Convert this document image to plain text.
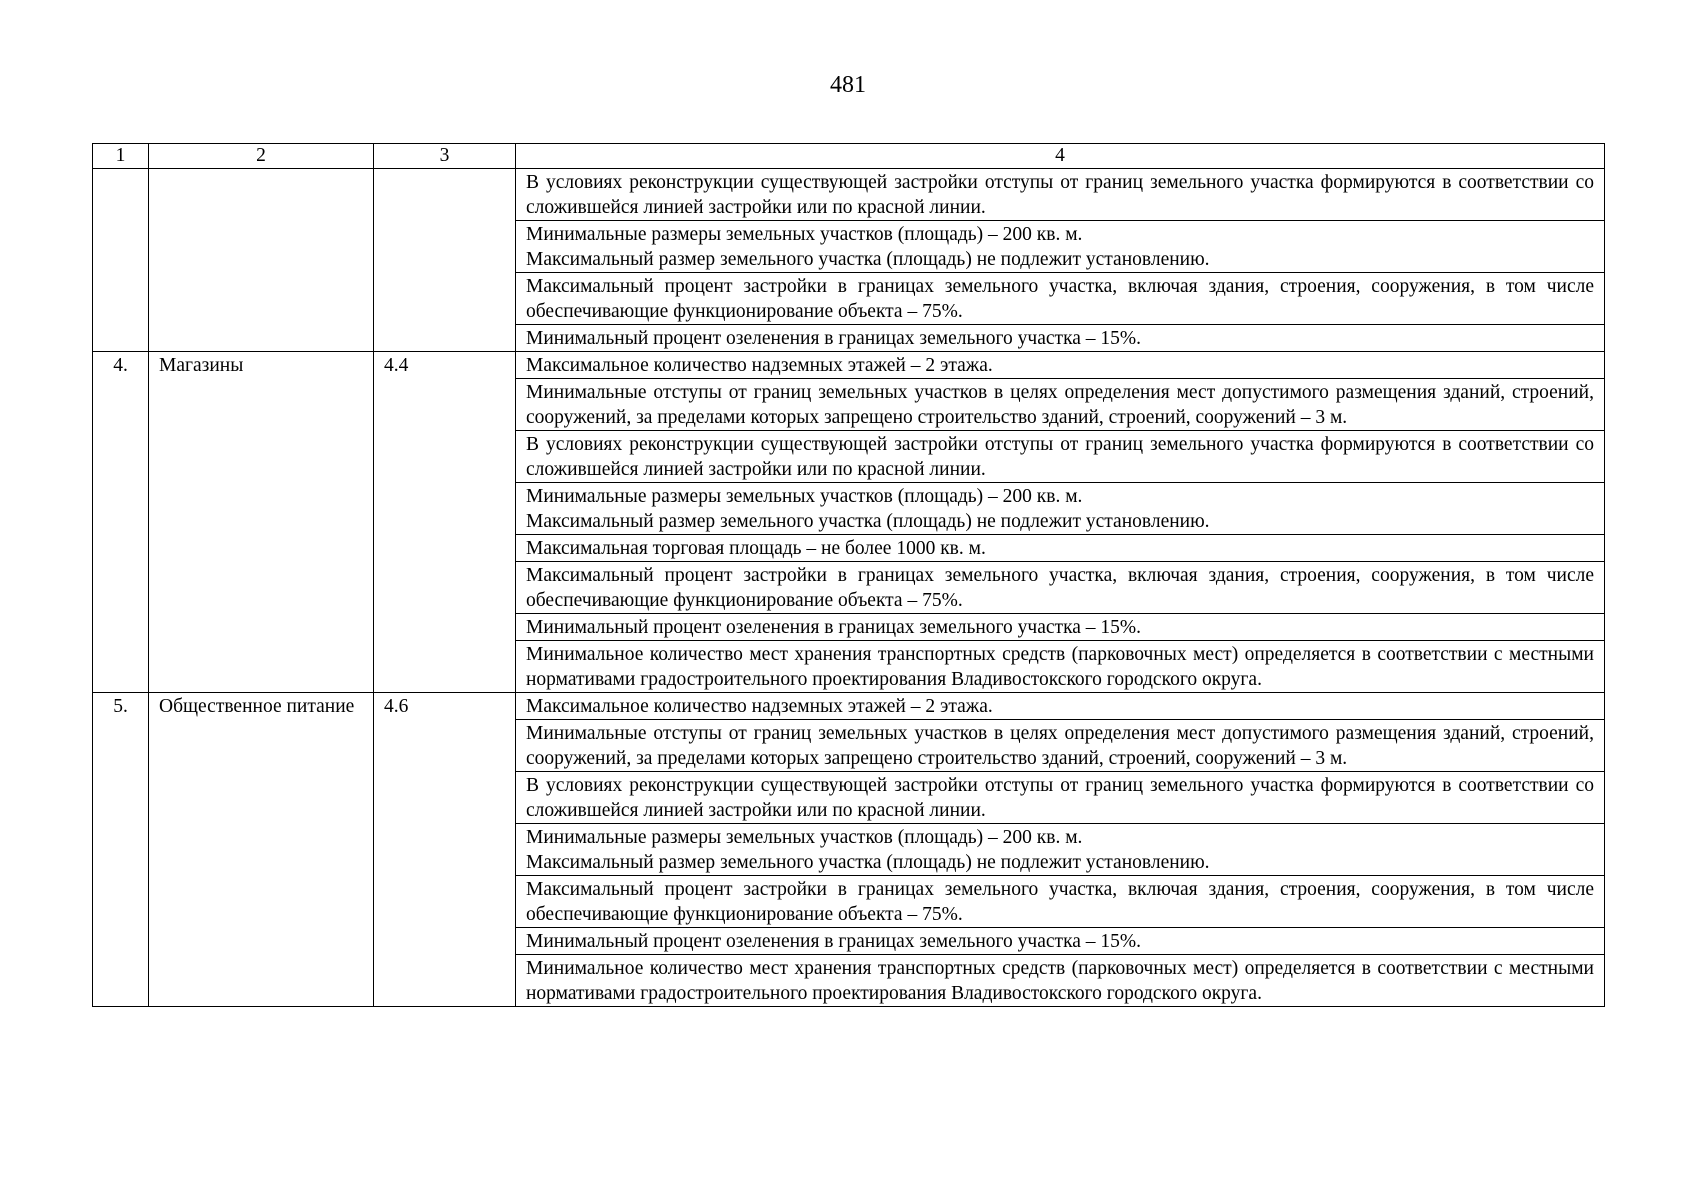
481
1	2	3	4

			В условиях реконструкции существующей застройки отступы от границ земельного участка формируются в соответствии со сложившейся линией застройки или по красной линии.

			Минимальные размеры земельных участков (площадь) – 200 кв. м.
Максимальный размер земельного участка (площадь) не подлежит установлению.

			Максимальный процент застройки в границах земельного участка, включая здания, строения, сооружения, в том числе обеспечивающие функционирование объекта – 75%.

			Минимальный процент озеленения в границах земельного участка – 15%.

4.	Магазины	4.4	Максимальное количество надземных этажей – 2 этажа.

			Минимальные отступы от границ земельных участков в целях определения мест допустимого размещения зданий, строений, сооружений, за пределами которых запрещено строительство зданий, строений, сооружений – 3 м.

			В условиях реконструкции существующей застройки отступы от границ земельного участка формируются в соответствии со сложившейся линией застройки или по красной линии.

			Минимальные размеры земельных участков (площадь) – 200 кв. м.
Максимальный размер земельного участка (площадь) не подлежит установлению.

			Максимальная торговая площадь – не более 1000 кв. м.

			Максимальный процент застройки в границах земельного участка, включая здания, строения, сооружения, в том числе обеспечивающие функционирование объекта – 75%.

			Минимальный процент озеленения в границах земельного участка – 15%.

			Минимальное количество мест хранения транспортных средств (парковочных мест) определяется в соответствии с местными нормативами градостроительного проектирования Владивостокского городского округа.

5.	Общественное питание	4.6	Максимальное количество надземных этажей – 2 этажа.

			Минимальные отступы от границ земельных участков в целях определения мест допустимого размещения зданий, строений, сооружений, за пределами которых запрещено строительство зданий, строений, сооружений – 3 м.

			В условиях реконструкции существующей застройки отступы от границ земельного участка формируются в соответствии со сложившейся линией застройки или по красной линии.

			Минимальные размеры земельных участков (площадь) – 200 кв. м.
Максимальный размер земельного участка (площадь) не подлежит установлению.

			Максимальный процент застройки в границах земельного участка, включая здания, строения, сооружения, в том числе обеспечивающие функционирование объекта – 75%.

			Минимальный процент озеленения в границах земельного участка – 15%.

			Минимальное количество мест хранения транспортных средств (парковочных мест) определяется в соответствии с местными нормативами градостроительного проектирования Владивостокского городского округа.
